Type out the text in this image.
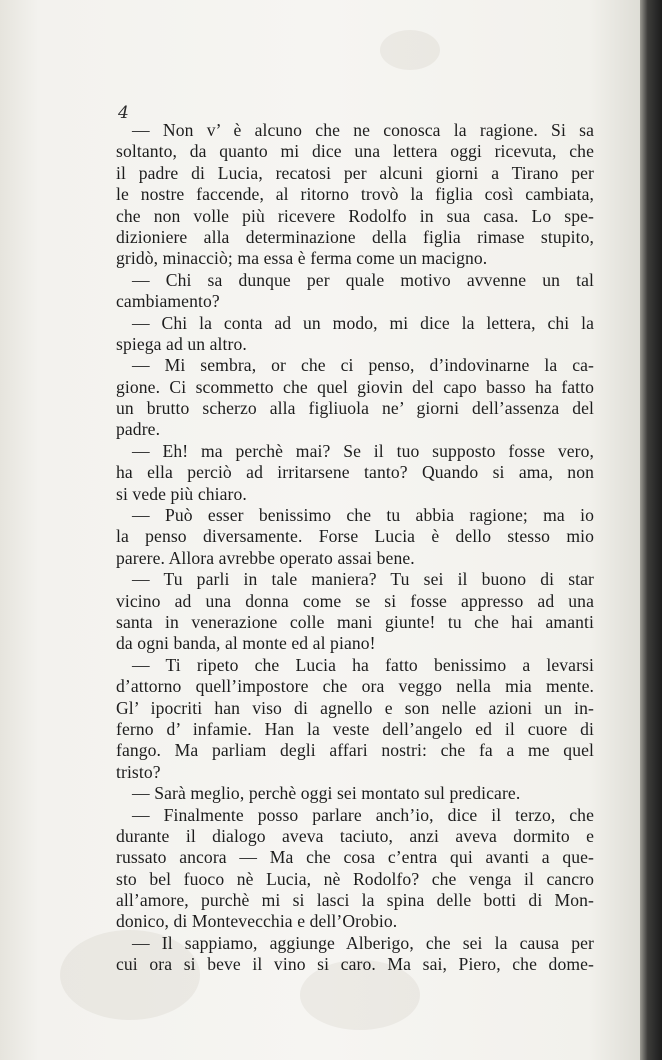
4
— Non v’ è alcuno che ne conosca la ragione. Si sa
soltanto, da quanto mi dice una lettera oggi ricevuta, che
il padre di Lucia, recatosi per alcuni giorni a Tirano per
le nostre faccende, al ritorno trovò la figlia così cambiata,
che non volle più ricevere Rodolfo in sua casa. Lo spe-
dizioniere alla determinazione della figlia rimase stupito,
gridò, minacciò; ma essa è ferma come un macigno.
— Chi sa dunque per quale motivo avvenne un tal
cambiamento?
— Chi la conta ad un modo, mi dice la lettera, chi la
spiega ad un altro.
— Mi sembra, or che ci penso, d’indovinarne la ca-
gione. Ci scommetto che quel giovin del capo basso ha fatto
un brutto scherzo alla figliuola ne’ giorni dell’assenza del
padre.
— Eh! ma perchè mai? Se il tuo supposto fosse vero,
ha ella perciò ad irritarsene tanto? Quando si ama, non
si vede più chiaro.
— Può esser benissimo che tu abbia ragione; ma io
la penso diversamente. Forse Lucia è dello stesso mio
parere. Allora avrebbe operato assai bene.
— Tu parli in tale maniera? Tu sei il buono di star
vicino ad una donna come se si fosse appresso ad una
santa in venerazione colle mani giunte! tu che hai amanti
da ogni banda, al monte ed al piano!
— Ti ripeto che Lucia ha fatto benissimo a levarsi
d’attorno quell’impostore che ora veggo nella mia mente.
Gl’ ipocriti han viso di agnello e son nelle azioni un in-
ferno d’ infamie. Han la veste dell’angelo ed il cuore di
fango. Ma parliam degli affari nostri: che fa a me quel
tristo?
— Sarà meglio, perchè oggi sei montato sul predicare.
— Finalmente posso parlare anch’io, dice il terzo, che
durante il dialogo aveva taciuto, anzi aveva dormito e
russato ancora — Ma che cosa c’entra qui avanti a que-
sto bel fuoco nè Lucia, nè Rodolfo? che venga il cancro
all’amore, purchè mi si lasci la spina delle botti di Mon-
donico, di Montevecchia e dell’Orobio.
— Il sappiamo, aggiunge Alberigo, che sei la causa per
cui ora si beve il vino si caro. Ma sai, Piero, che dome-
